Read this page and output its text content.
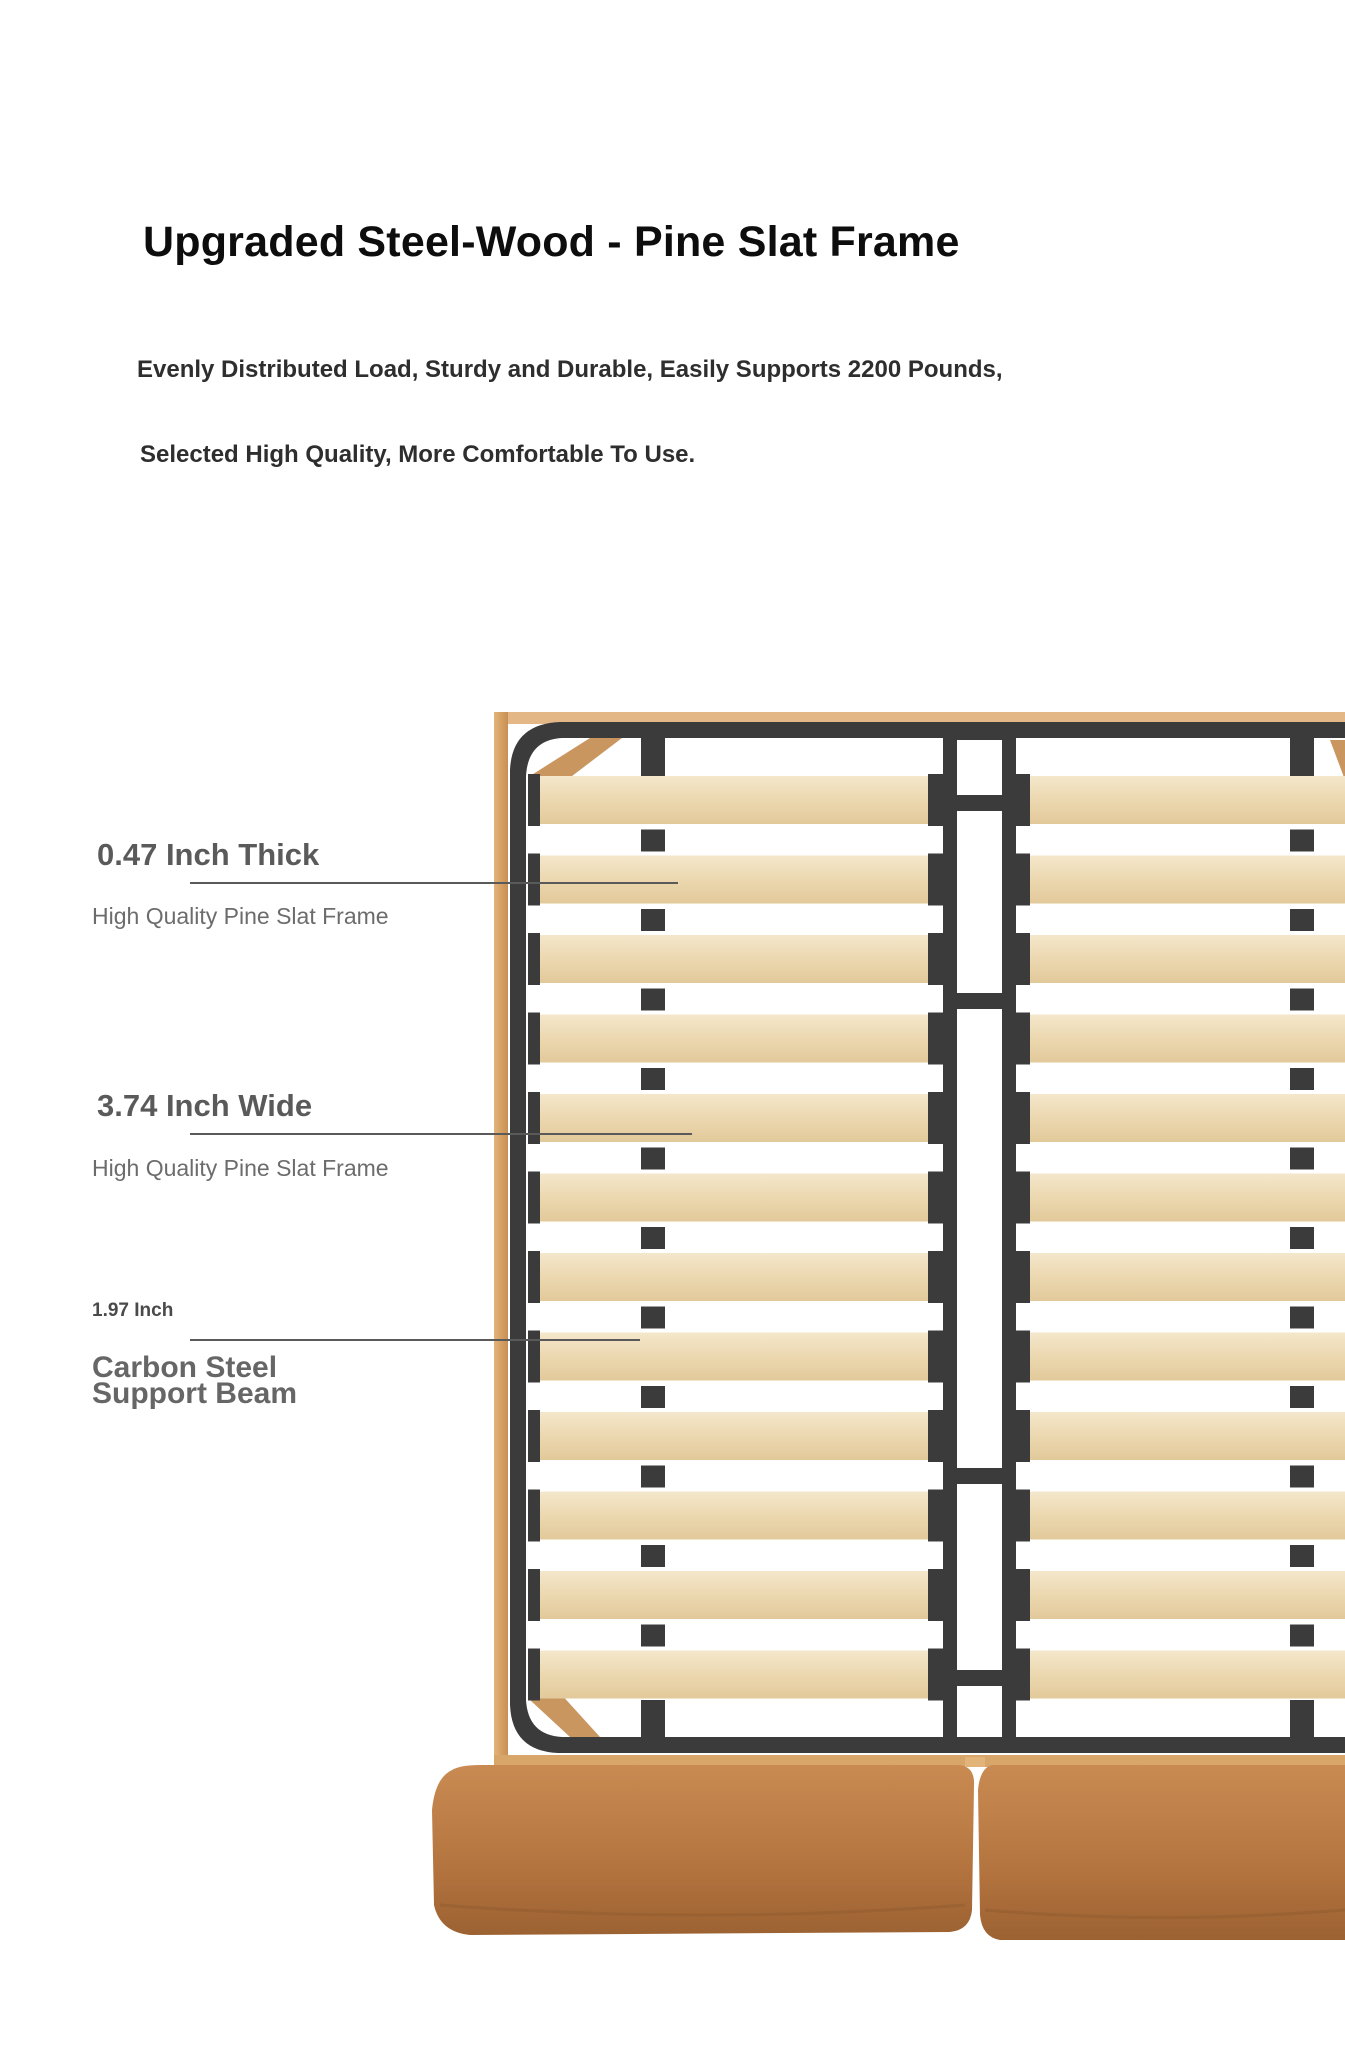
Upgraded Steel-Wood - Pine Slat Frame
Evenly Distributed Load, Sturdy and Durable, Easily Supports 2200 Pounds,
Selected High Quality, More Comfortable To Use.
0.47 Inch Thick
High Quality Pine Slat Frame
3.74 Inch Wide
High Quality Pine Slat Frame
1.97 Inch
Carbon Steel
Support Beam
